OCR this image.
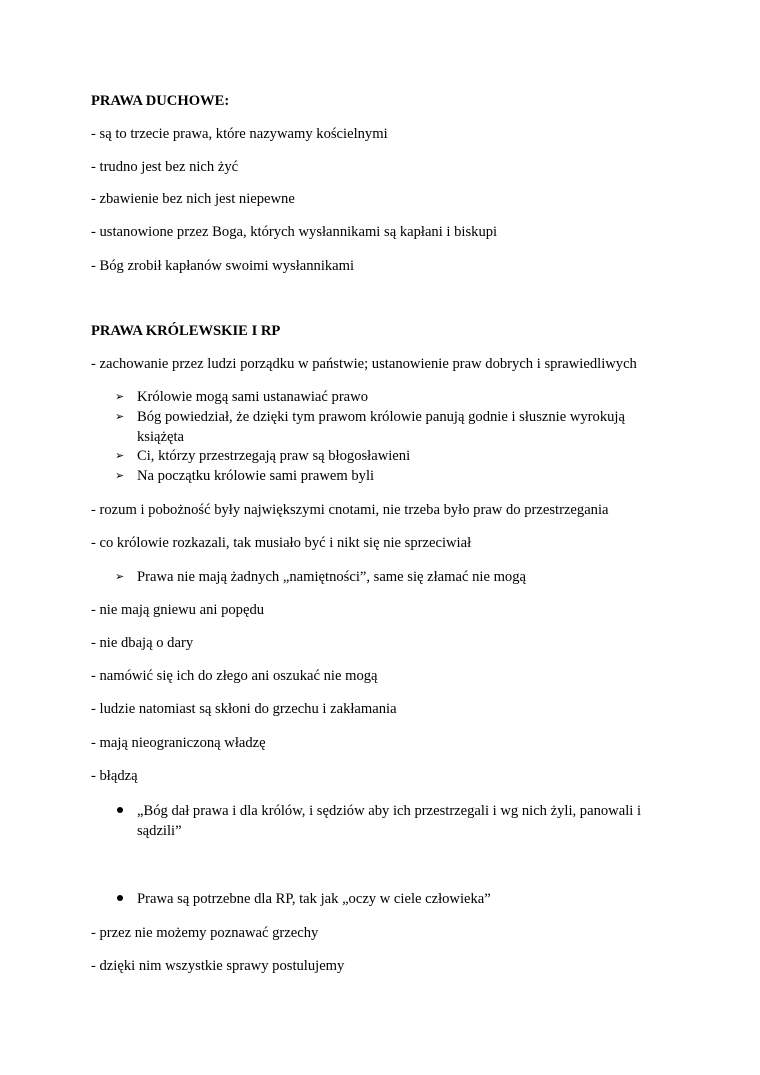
PRAWA DUCHOWE:
- są to trzecie prawa, które nazywamy kościelnymi
- trudno jest bez nich żyć
- zbawienie bez nich jest niepewne
- ustanowione przez Boga, których wysłannikami są kapłani i biskupi
- Bóg zrobił kapłanów swoimi wysłannikami
PRAWA KRÓLEWSKIE I RP
- zachowanie przez ludzi porządku w państwie; ustanowienie praw dobrych i sprawiedliwych
➢ Królowie mogą sami ustanawiać prawo
➢ Bóg powiedział, że dzięki tym prawom królowie panują godnie i słusznie wyrokują
książęta
➢ Ci, którzy przestrzegają praw są błogosławieni
➢ Na początku królowie sami prawem byli
- rozum i pobożność były największymi cnotami, nie trzeba było praw do przestrzegania
- co królowie rozkazali, tak musiało być i nikt się nie sprzeciwiał
➢ Prawa nie mają żadnych „namiętności”, same się złamać nie mogą
- nie mają gniewu ani popędu
- nie dbają o dary
- namówić się ich do złego ani oszukać nie mogą
- ludzie natomiast są skłoni do grzechu i zakłamania
- mają nieograniczoną władzę
- błądzą
„Bóg dał prawa i dla królów, i sędziów aby ich przestrzegali i wg nich żyli, panowali i
sądzili”
Prawa są potrzebne dla RP, tak jak „oczy w ciele człowieka”
- przez nie możemy poznawać grzechy
- dzięki nim wszystkie sprawy postulujemy
